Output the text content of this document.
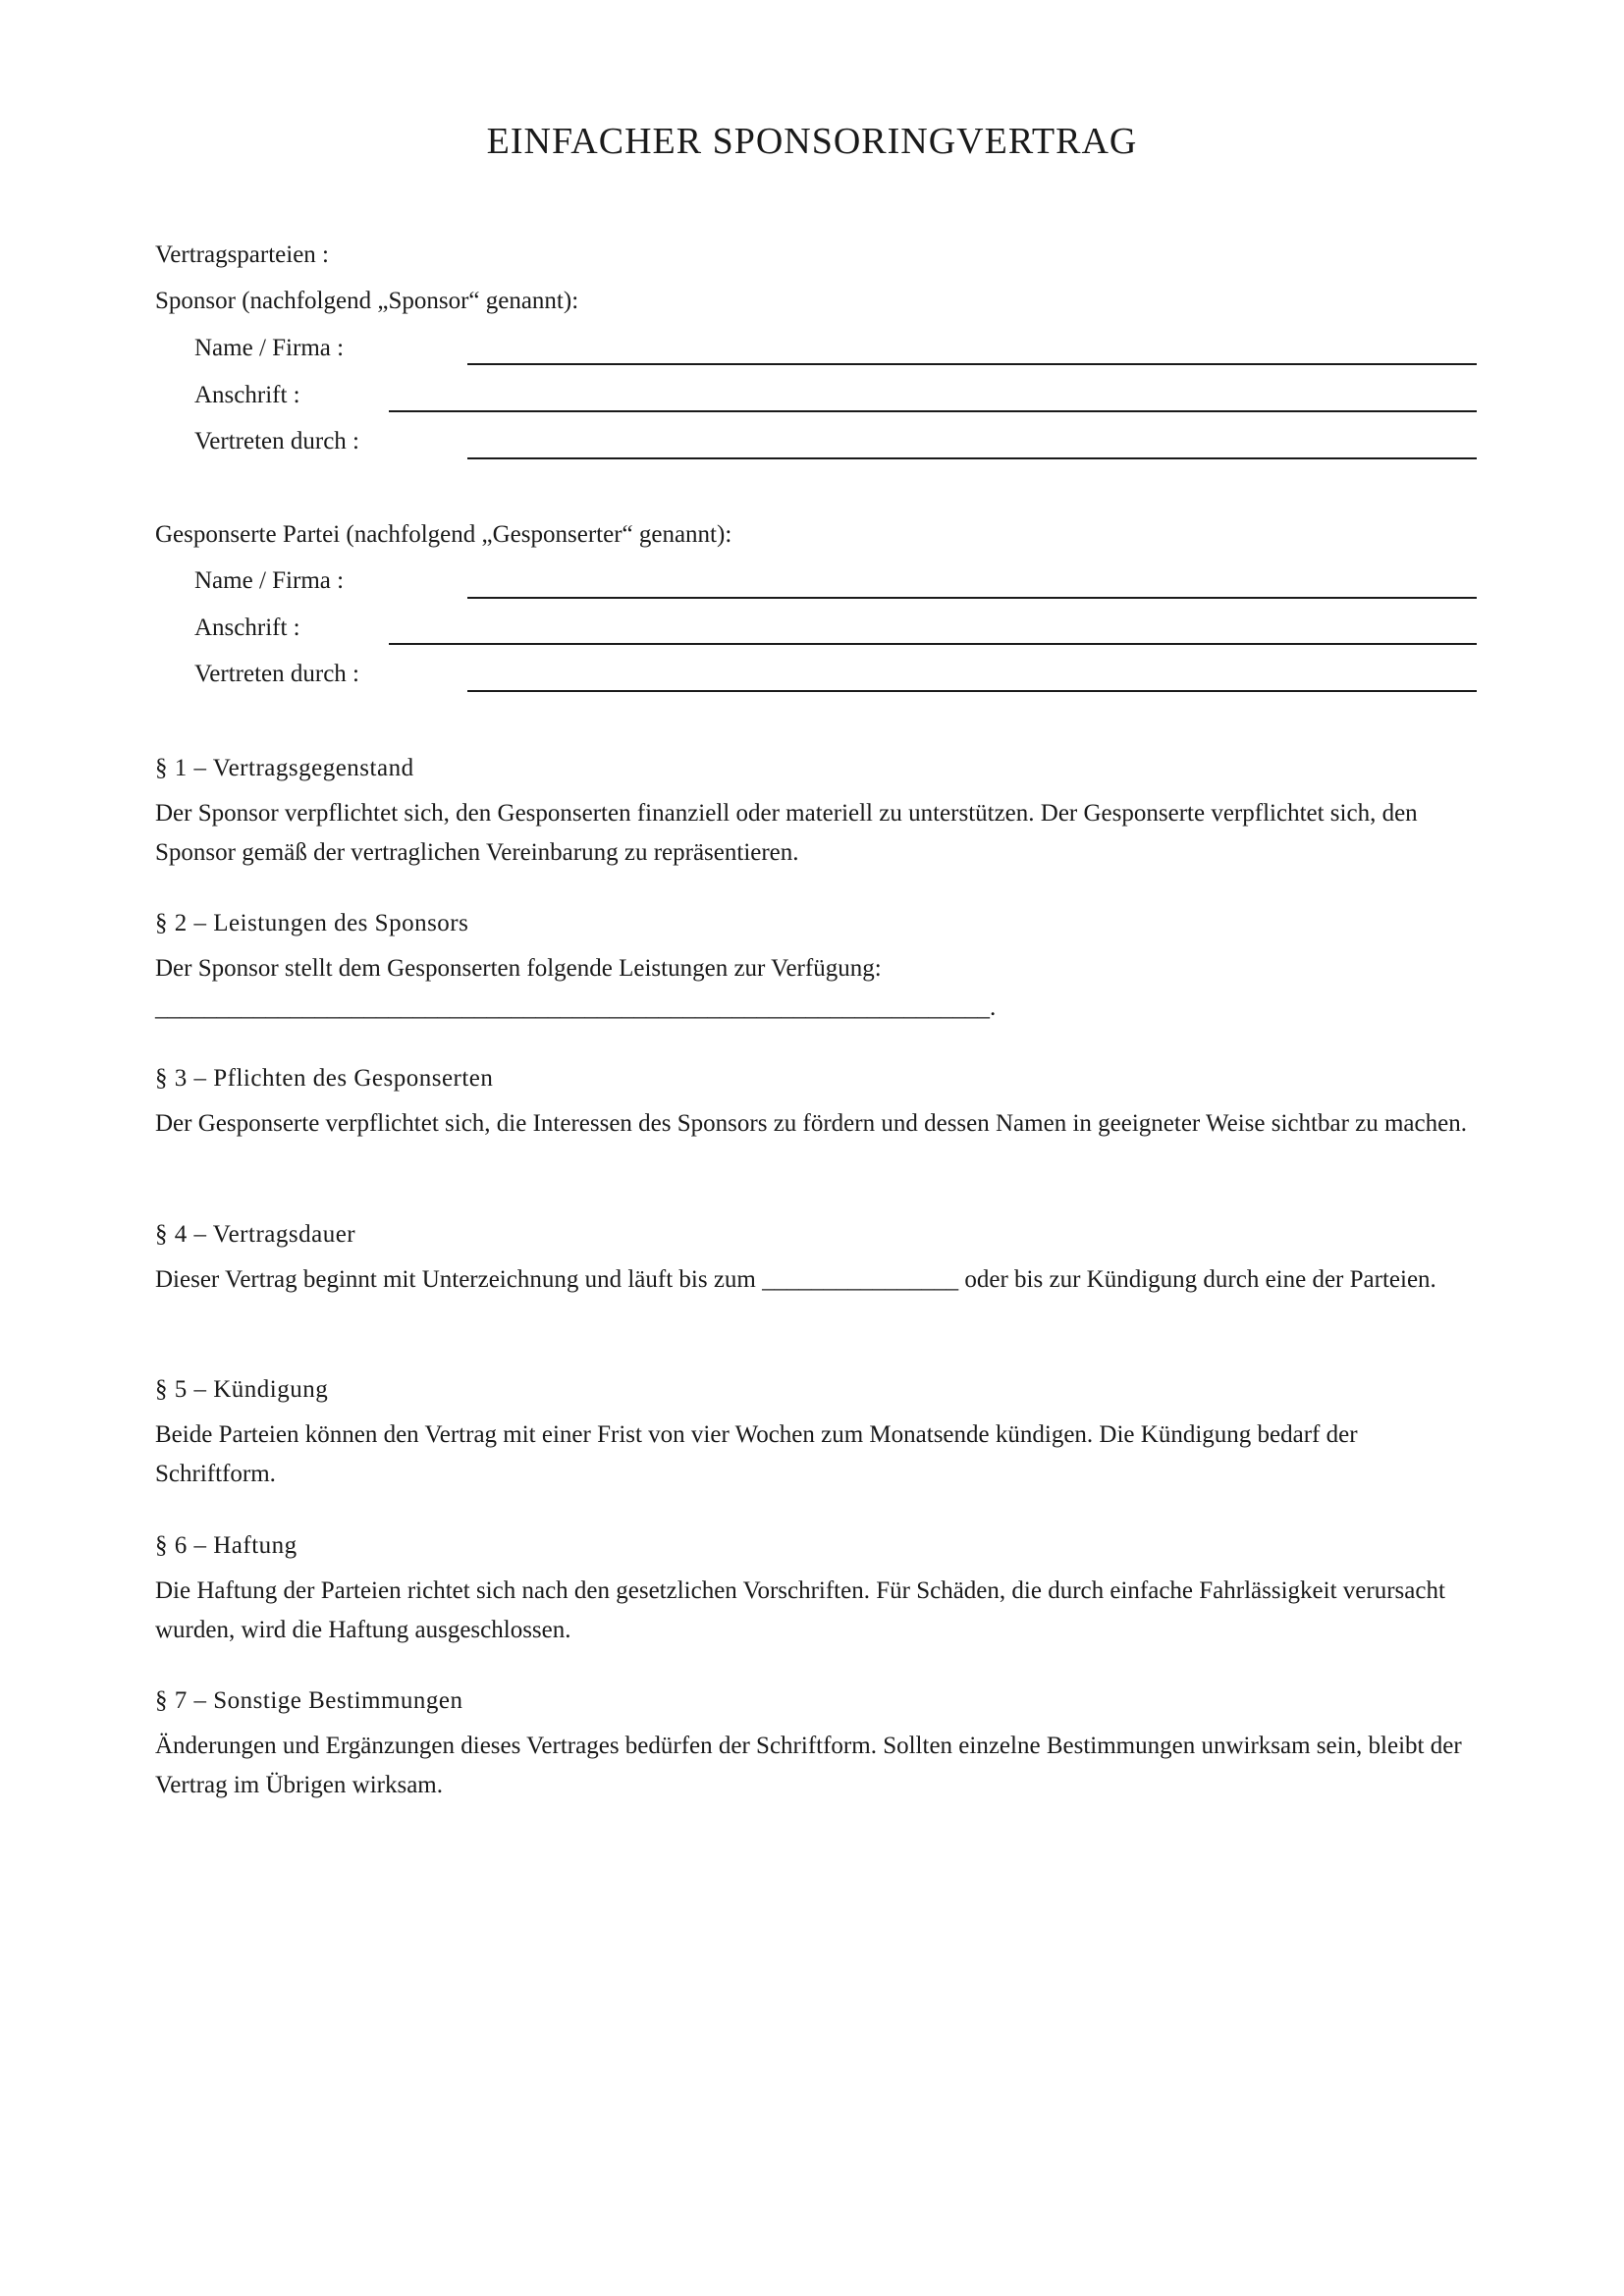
EINFACHER SPONSORINGVERTRAG
Vertragsparteien :
Sponsor (nachfolgend „Sponsor“ genannt):
Name / Firma :
Anschrift :
Vertreten durch :
Gesponserte Partei (nachfolgend „Gesponserter“ genannt):
Name / Firma :
Anschrift :
Vertreten durch :
§ 1 – Vertragsgegenstand
Der Sponsor verpflichtet sich, den Gesponserten finanziell oder materiell zu unterstützen. Der Gesponserte verpflichtet sich, den Sponsor gemäß der vertraglichen Vereinbarung zu repräsentieren.
§ 2 – Leistungen des Sponsors
Der Sponsor stellt dem Gesponserten folgende Leistungen zur Verfügung:
____________________________________________________________________.
§ 3 – Pflichten des Gesponserten
Der Gesponserte verpflichtet sich, die Interessen des Sponsors zu fördern und dessen Namen in geeigneter Weise sichtbar zu machen.
§ 4 – Vertragsdauer
Dieser Vertrag beginnt mit Unterzeichnung und läuft bis zum ________________ oder bis zur Kündigung durch eine der Parteien.
§ 5 – Kündigung
Beide Parteien können den Vertrag mit einer Frist von vier Wochen zum Monatsende kündigen. Die Kündigung bedarf der Schriftform.
§ 6 – Haftung
Die Haftung der Parteien richtet sich nach den gesetzlichen Vorschriften. Für Schäden, die durch einfache Fahrlässigkeit verursacht wurden, wird die Haftung ausgeschlossen.
§ 7 – Sonstige Bestimmungen
Änderungen und Ergänzungen dieses Vertrages bedürfen der Schriftform. Sollten einzelne Bestimmungen unwirksam sein, bleibt der Vertrag im Übrigen wirksam.
